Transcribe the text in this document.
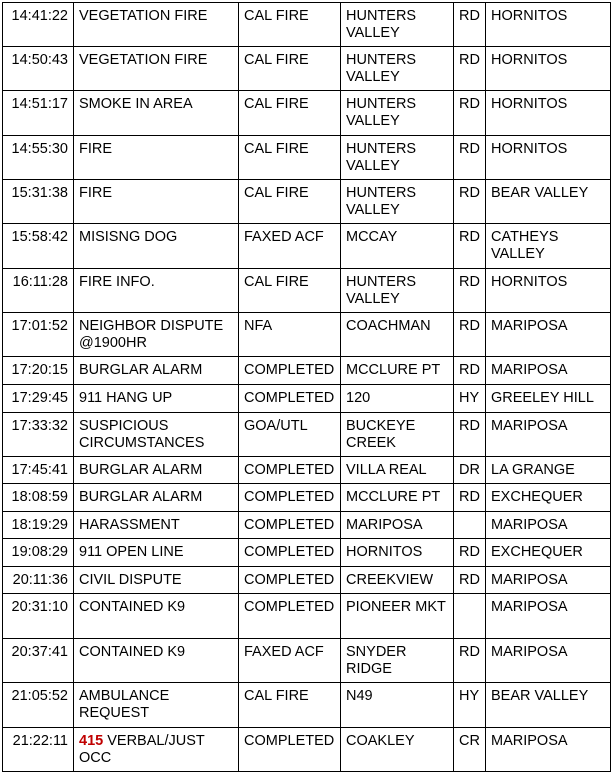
14:41:22	VEGETATION FIRE	CAL FIRE	HUNTERS VALLEY	RD	HORNITOS
14:50:43	VEGETATION FIRE	CAL FIRE	HUNTERS VALLEY	RD	HORNITOS
14:51:17	SMOKE IN AREA	CAL FIRE	HUNTERS VALLEY	RD	HORNITOS
14:55:30	FIRE	CAL FIRE	HUNTERS VALLEY	RD	HORNITOS
15:31:38	FIRE	CAL FIRE	HUNTERS VALLEY	RD	BEAR VALLEY
15:58:42	MISISNG DOG	FAXED ACF	MCCAY	RD	CATHEYS VALLEY
16:11:28	FIRE INFO.	CAL FIRE	HUNTERS VALLEY	RD	HORNITOS
17:01:52	NEIGHBOR DISPUTE @1900HR	NFA	COACHMAN	RD	MARIPOSA
17:20:15	BURGLAR ALARM	COMPLETED	MCCLURE PT	RD	MARIPOSA
17:29:45	911 HANG UP	COMPLETED	120	HY	GREELEY HILL
17:33:32	SUSPICIOUS CIRCUMSTANCES	GOA/UTL	BUCKEYE CREEK	RD	MARIPOSA
17:45:41	BURGLAR ALARM	COMPLETED	VILLA REAL	DR	LA GRANGE
18:08:59	BURGLAR ALARM	COMPLETED	MCCLURE PT	RD	EXCHEQUER
18:19:29	HARASSMENT	COMPLETED	MARIPOSA		MARIPOSA
19:08:29	911 OPEN LINE	COMPLETED	HORNITOS	RD	EXCHEQUER
20:11:36	CIVIL DISPUTE	COMPLETED	CREEKVIEW	RD	MARIPOSA
20:31:10	CONTAINED K9	COMPLETED	PIONEER MKT		MARIPOSA
20:37:41	CONTAINED K9	FAXED ACF	SNYDER RIDGE	RD	MARIPOSA
21:05:52	AMBULANCE REQUEST	CAL FIRE	N49	HY	BEAR VALLEY
21:22:11	415 VERBAL/JUST OCC	COMPLETED	COAKLEY	CR	MARIPOSA
